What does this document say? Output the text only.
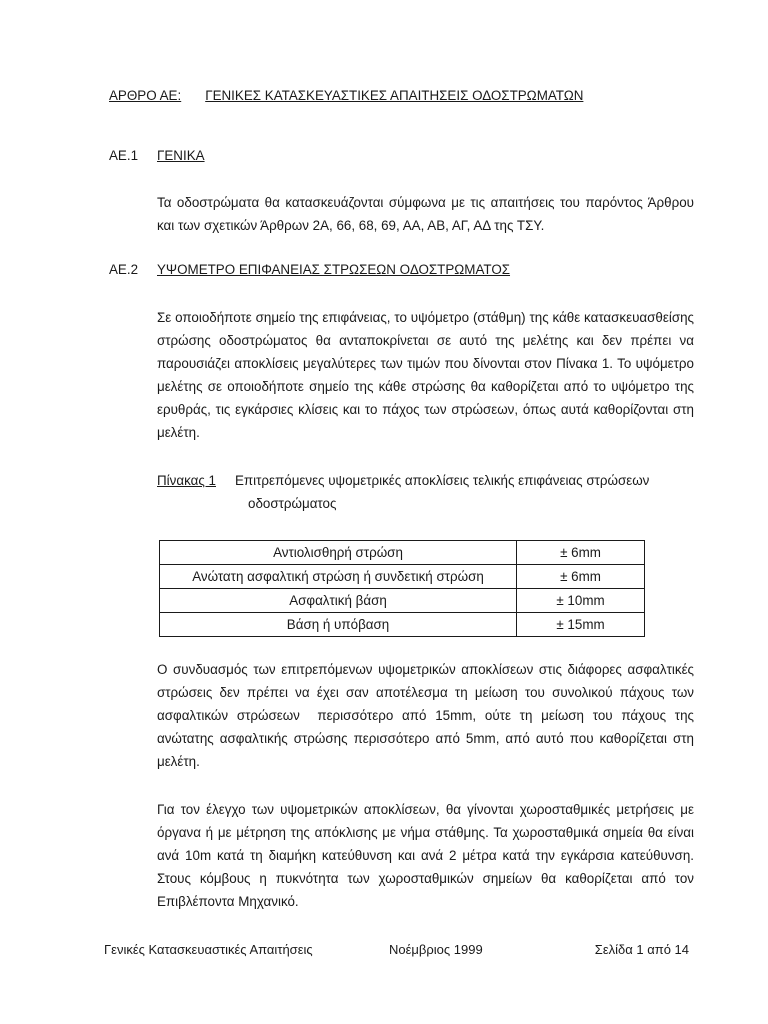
ΑΡΘΡΟ ΑΕ: ΓΕΝΙΚΕΣ ΚΑΤΑΣΚΕΥΑΣΤΙΚΕΣ ΑΠΑΙΤΗΣΕΙΣ ΟΔΟΣΤΡΩΜΑΤΩΝ
ΑΕ.1 ΓΕΝΙΚΑ
Τα οδοστρώματα θα κατασκευάζονται σύμφωνα με τις απαιτήσεις του παρόντος Άρθρου και των σχετικών Άρθρων 2Α, 66, 68, 69, ΑΑ, ΑΒ, ΑΓ, ΑΔ της ΤΣΥ.
ΑΕ.2 ΥΨΟΜΕΤΡΟ ΕΠΙΦΑΝΕΙΑΣ ΣΤΡΩΣΕΩΝ ΟΔΟΣΤΡΩΜΑΤΟΣ
Σε οποιοδήποτε σημείο της επιφάνειας, το υψόμετρο (στάθμη) της κάθε κατασκευασθείσης στρώσης οδοστρώματος θα ανταποκρίνεται σε αυτό της μελέτης και δεν πρέπει να παρουσιάζει αποκλίσεις μεγαλύτερες των τιμών που δίνονται στον Πίνακα 1. Το υψόμετρο μελέτης σε οποιοδήποτε σημείο της κάθε στρώσης θα καθορίζεται από το υψόμετρο της ερυθράς, τις εγκάρσιες κλίσεις και το πάχος των στρώσεων, όπως αυτά καθορίζονται στη μελέτη.
Πίνακας 1 Επιτρεπόμενες υψομετρικές αποκλίσεις τελικής επιφάνειας στρώσεων
οδοστρώματος
Αντιολισθηρή στρώση	± 6mm
Ανώτατη ασφαλτική στρώση ή συνδετική στρώση	± 6mm
Ασφαλτική βάση	± 10mm
Βάση ή υπόβαση	± 15mm
Ο συνδυασμός των επιτρεπόμενων υψομετρικών αποκλίσεων στις διάφορες ασφαλτικές στρώσεις δεν πρέπει να έχει σαν αποτέλεσμα τη μείωση του συνολικού πάχους των ασφαλτικών στρώσεων  περισσότερο από 15mm, ούτε τη μείωση του πάχους της ανώτατης ασφαλτικής στρώσης περισσότερο από 5mm, από αυτό που καθορίζεται στη μελέτη.
Για τον έλεγχο των υψομετρικών αποκλίσεων, θα γίνονται χωροσταθμικές μετρήσεις με όργανα ή με μέτρηση της απόκλισης με νήμα στάθμης. Τα χωροσταθμικά σημεία θα είναι ανά 10m κατά τη διαμήκη κατεύθυνση και ανά 2 μέτρα κατά την εγκάρσια κατεύθυνση. Στους κόμβους η πυκνότητα των χωροσταθμικών σημείων θα καθορίζεται από τον Επιβλέποντα Μηχανικό.
Γενικές Κατασκευαστικές Απαιτήσεις	Νοέμβριος 1999	Σελίδα 1 από 14
